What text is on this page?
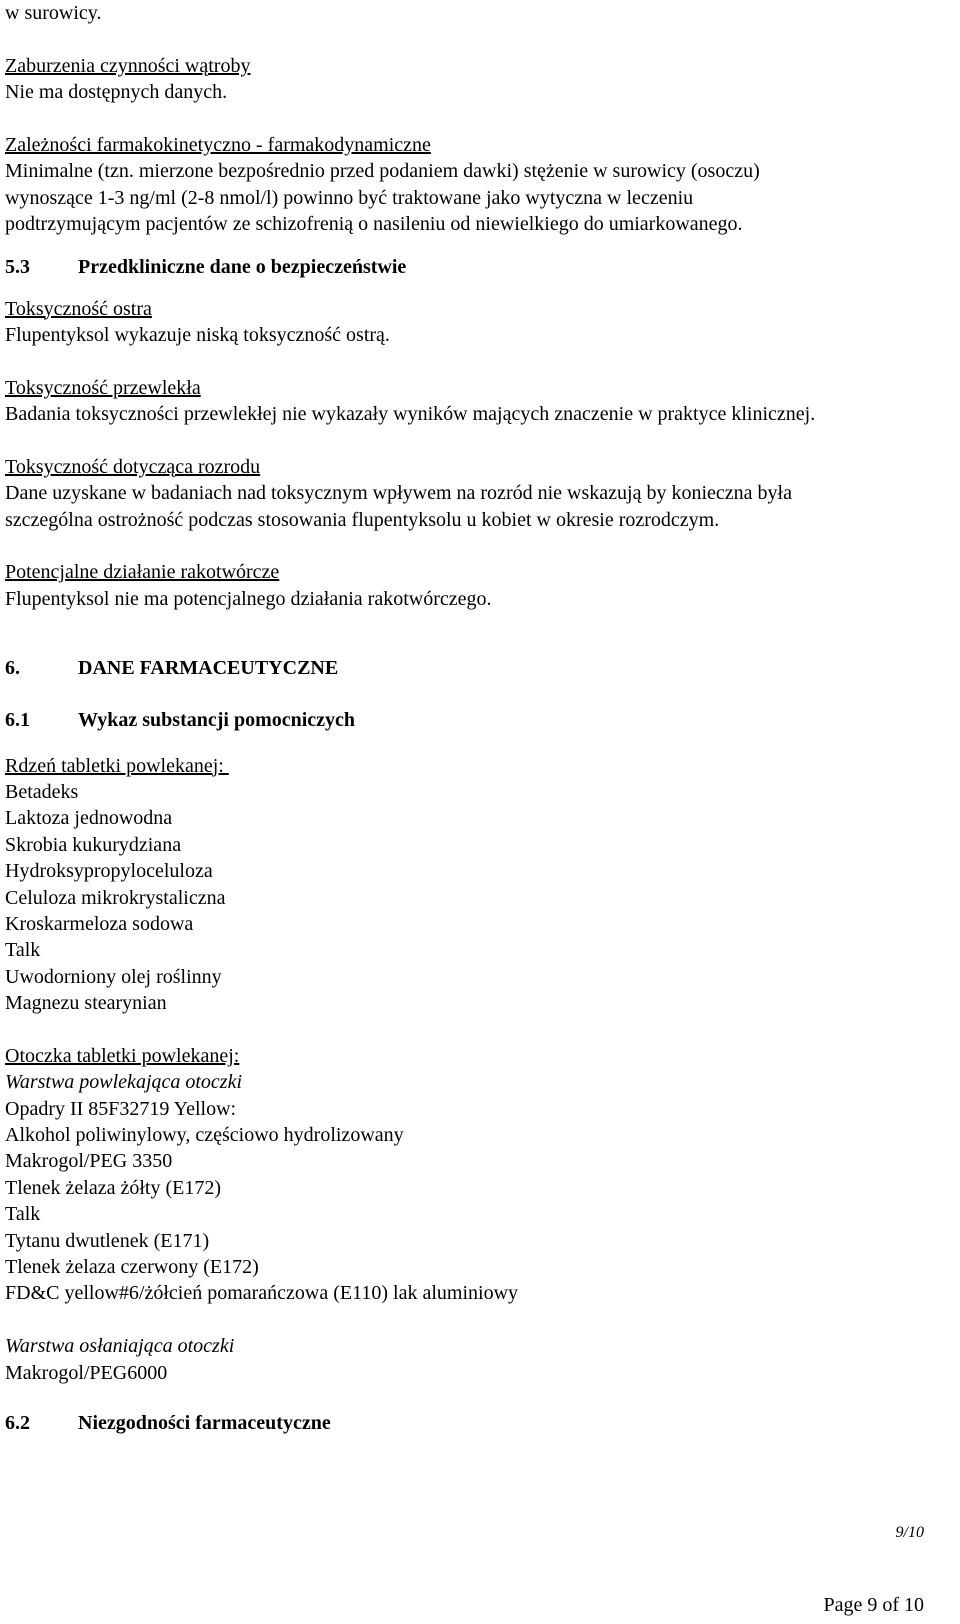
w surowicy.
Zaburzenia czynności wątroby
Nie ma dostępnych danych.
Zależności farmakokinetyczno - farmakodynamiczne
Minimalne (tzn. mierzone bezpośrednio przed podaniem dawki) stężenie w surowicy (osoczu)
wynoszące 1-3 ng/ml (2-8 nmol/l) powinno być traktowane jako wytyczna w leczeniu
podtrzymującym pacjentów ze schizofrenią o nasileniu od niewielkiego do umiarkowanego.
5.3	Przedkliniczne dane o bezpieczeństwie
Toksyczność ostra
Flupentyksol wykazuje niską toksyczność ostrą.
Toksyczność przewlekła
Badania toksyczności przewlekłej nie wykazały wyników mających znaczenie w praktyce klinicznej.
Toksyczność dotycząca rozrodu
Dane uzyskane w badaniach nad toksycznym wpływem na rozród nie wskazują by konieczna była
szczególna ostrożność podczas stosowania flupentyksolu u kobiet w okresie rozrodczym.
Potencjalne działanie rakotwórcze
Flupentyksol nie ma potencjalnego działania rakotwórczego.
6.	DANE FARMACEUTYCZNE
6.1	Wykaz substancji pomocniczych
Rdzeń tabletki powlekanej:
Betadeks
Laktoza jednowodna
Skrobia kukurydziana
Hydroksypropyloceluloza
Celuloza mikrokrystaliczna
Kroskarmeloza sodowa
Talk
Uwodorniony olej roślinny
Magnezu stearynian
Otoczka tabletki powlekanej:
Warstwa powlekająca otoczki
Opadry II 85F32719 Yellow:
Alkohol poliwinylowy, częściowo hydrolizowany
Makrogol/PEG 3350
Tlenek żelaza żółty (E172)
Talk
Tytanu dwutlenek (E171)
Tlenek żelaza czerwony (E172)
FD&C yellow#6/żółcień pomarańczowa (E110) lak aluminiowy
Warstwa osłaniająca otoczki
Makrogol/PEG6000
6.2	Niezgodności farmaceutyczne
9/10
Page 9 of 10
